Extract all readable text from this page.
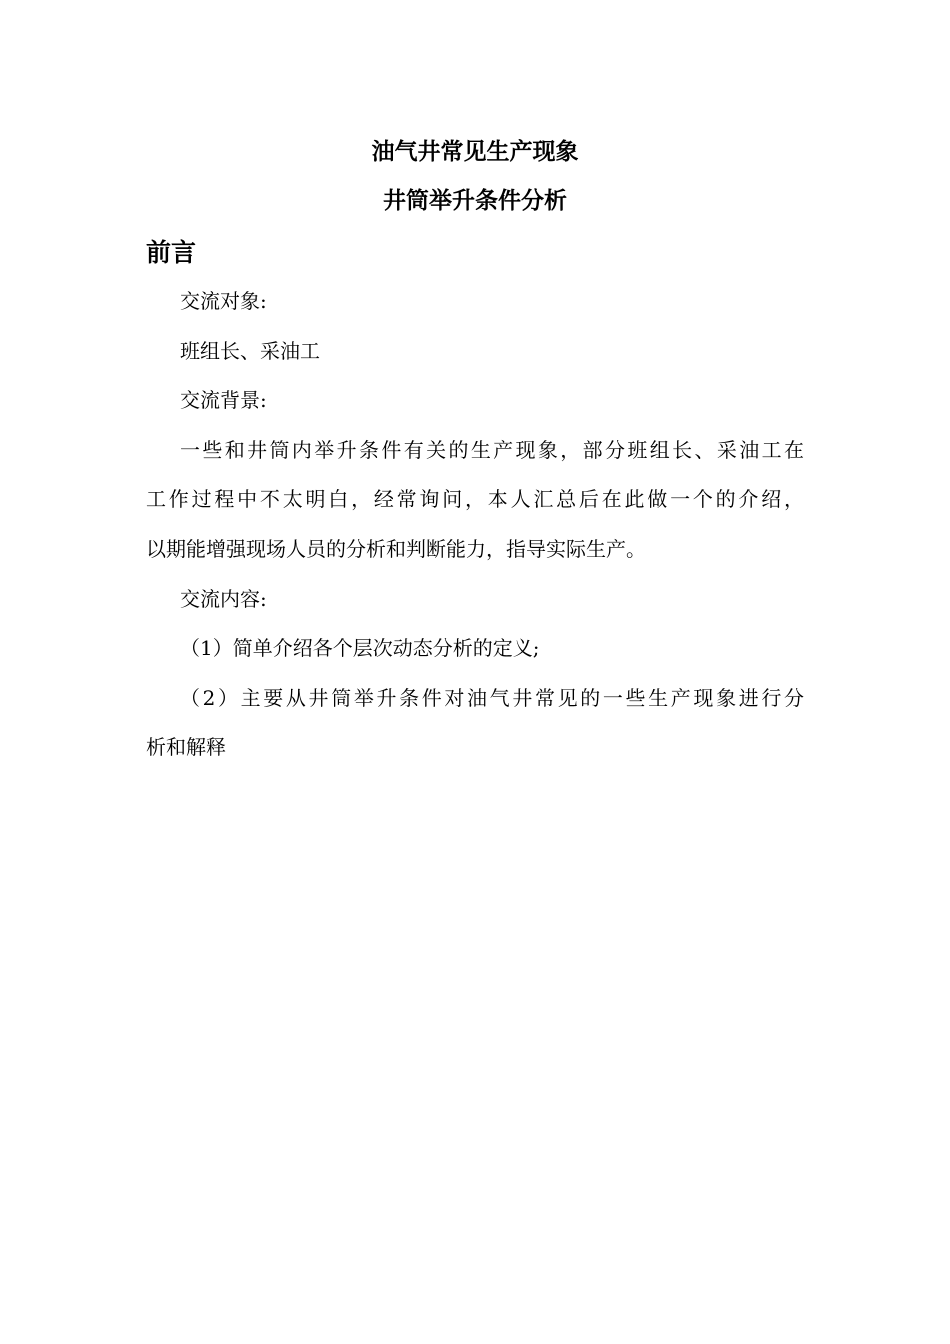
油气井常见生产现象
井筒举升条件分析
前言
交流对象:
班组长、采油工
交流背景:
一些和井筒内举升条件有关的生产现象，部分班组长、采油工在
工作过程中不太明白，经常询问，本人汇总后在此做一个的介绍，
以期能增强现场人员的分析和判断能力，指导实际生产。
交流内容:
（1）简单介绍各个层次动态分析的定义;
（2）主要从井筒举升条件对油气井常见的一些生产现象进行分
析和解释
